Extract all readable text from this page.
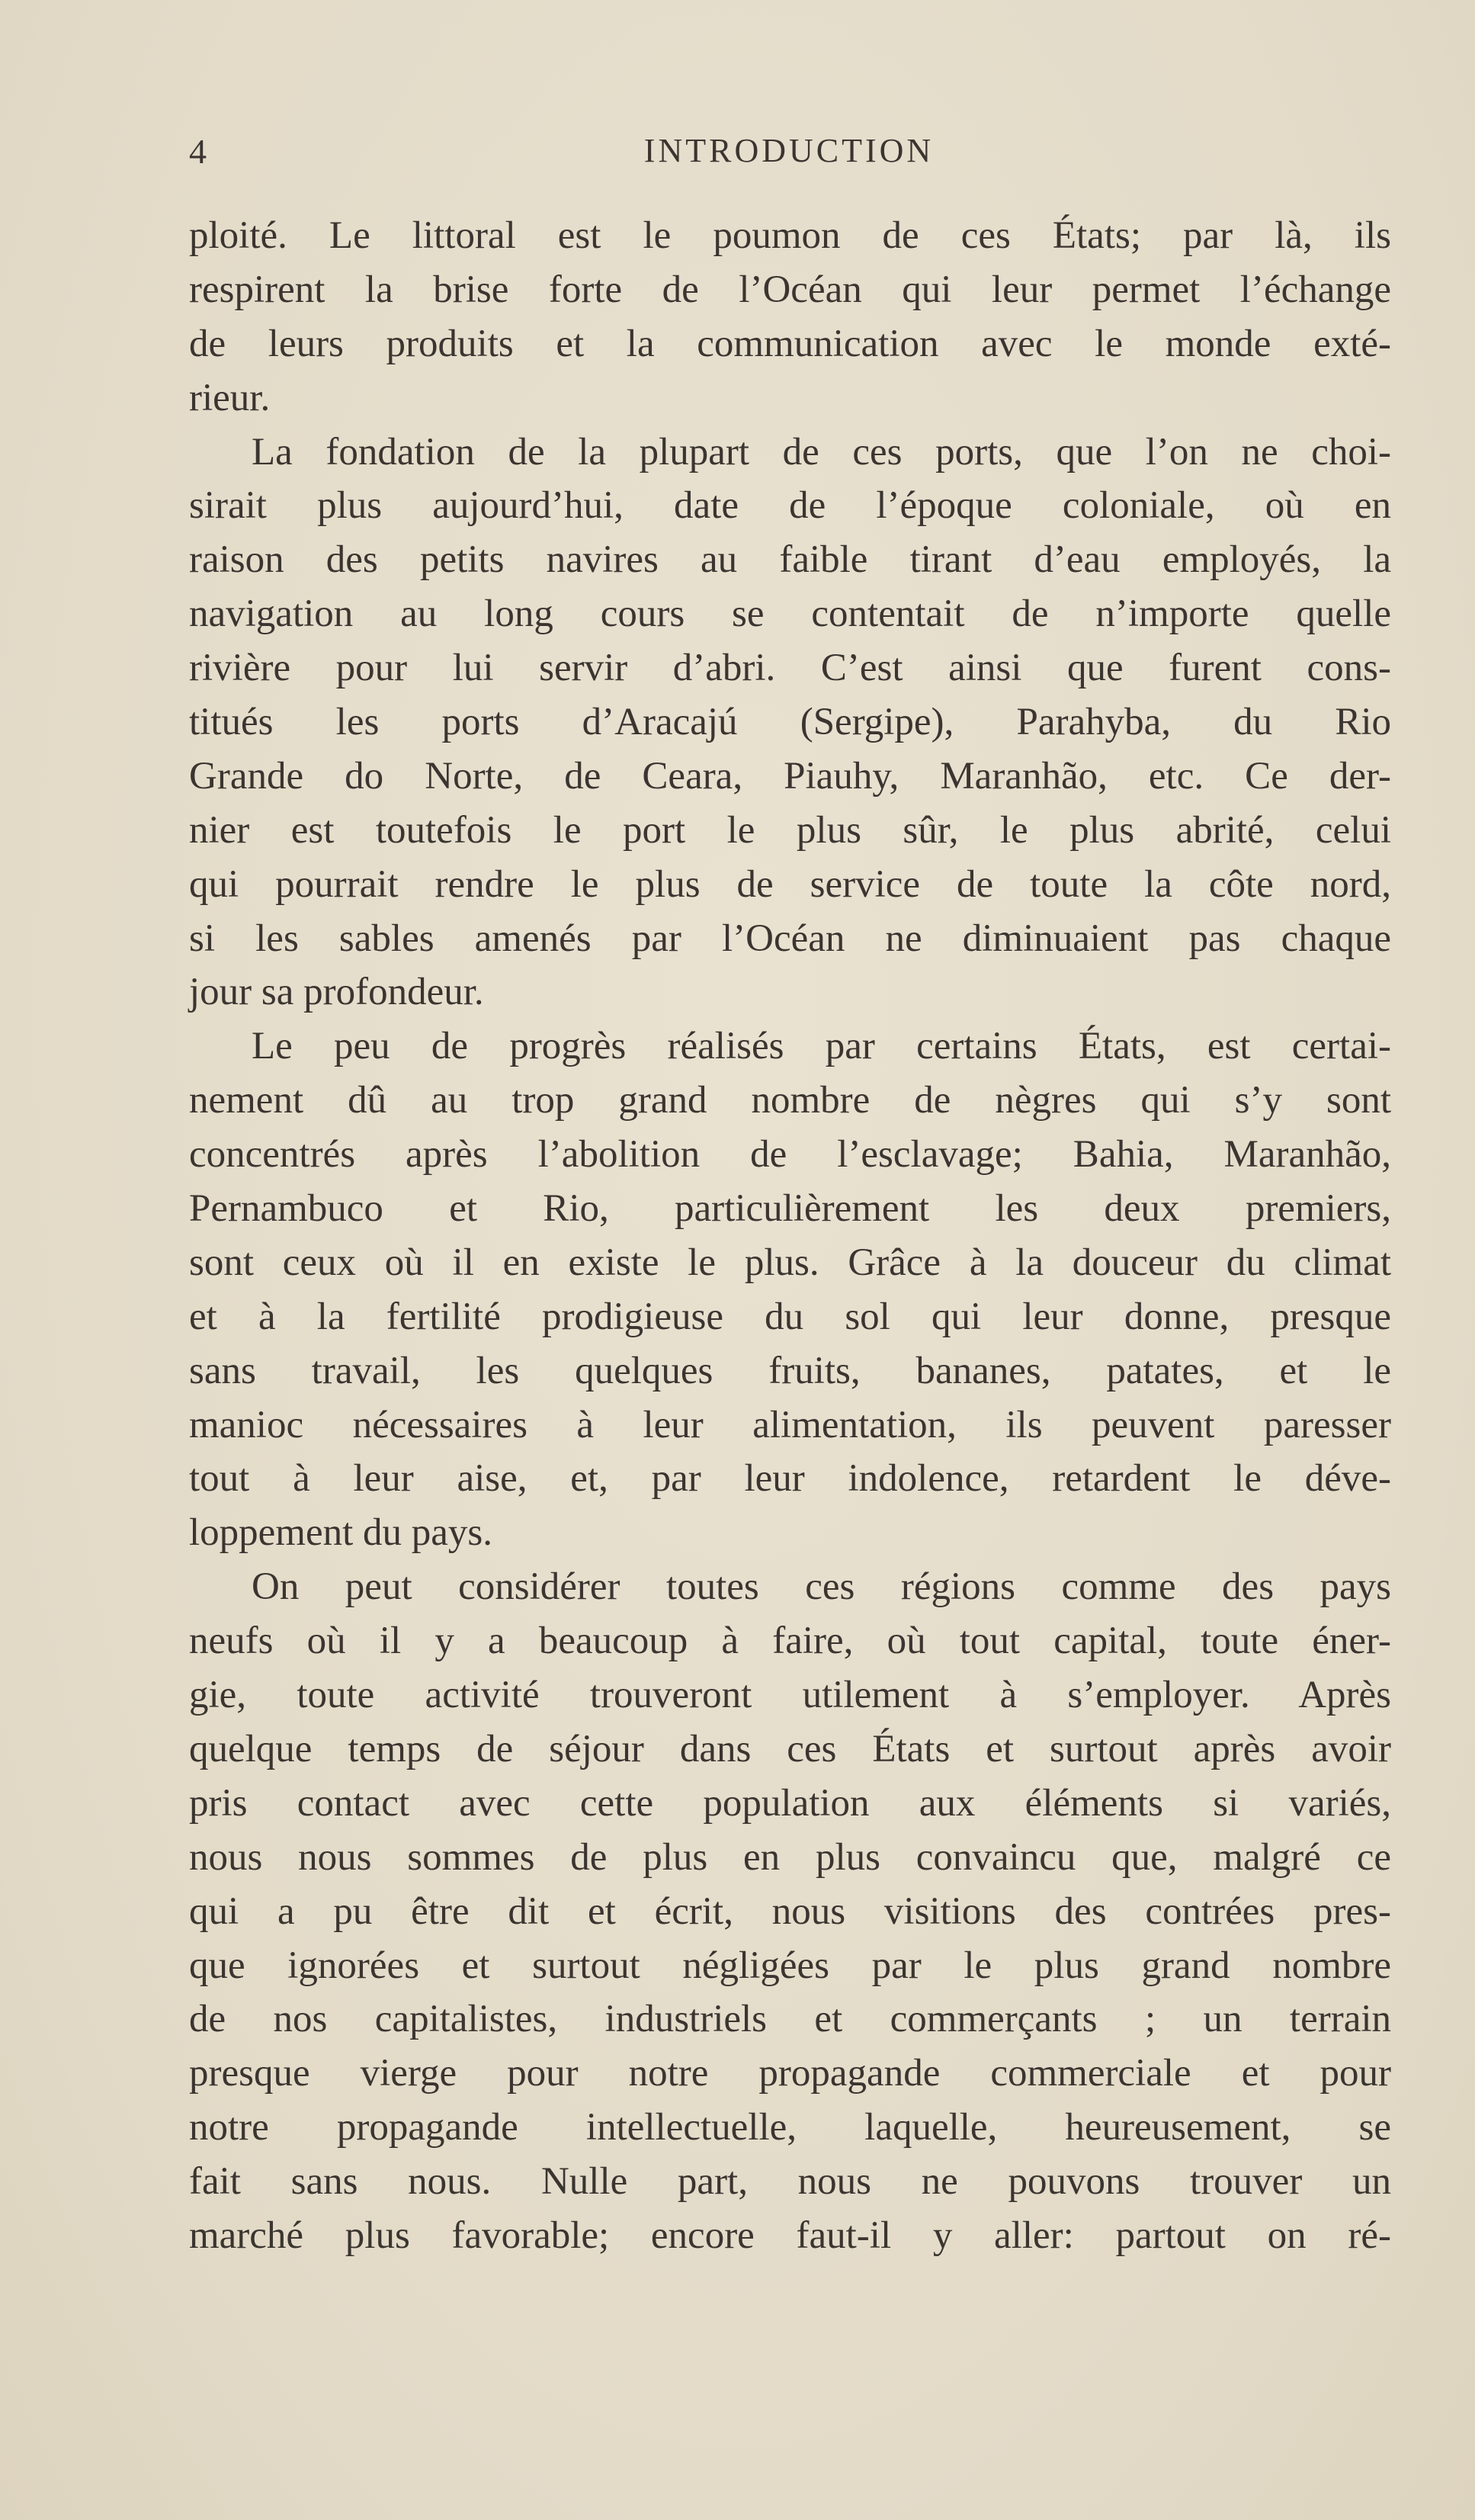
4	INTRODUCTION
ploité. Le littoral est le poumon de ces États; par là, ils
respirent la brise forte de l’Océan qui leur permet l’échange
de leurs produits et la communication avec le monde exté-
rieur.
La fondation de la plupart de ces ports, que l’on ne choi-
sirait plus aujourd’hui, date de l’époque coloniale, où en
raison des petits navires au faible tirant d’eau employés, la
navigation au long cours se contentait de n’importe quelle
rivière pour lui servir d’abri. C’est ainsi que furent cons-
titués les ports d’Aracajú (Sergipe), Parahyba, du Rio
Grande do Norte, de Ceara, Piauhy, Maranhão, etc. Ce der-
nier est toutefois le port le plus sûr, le plus abrité, celui
qui pourrait rendre le plus de service de toute la côte nord,
si les sables amenés par l’Océan ne diminuaient pas chaque
jour sa profondeur.
Le peu de progrès réalisés par certains États, est certai-
nement dû au trop grand nombre de nègres qui s’y sont
concentrés après l’abolition de l’esclavage; Bahia, Maranhão,
Pernambuco et Rio, particulièrement les deux premiers,
sont ceux où il en existe le plus. Grâce à la douceur du climat
et à la fertilité prodigieuse du sol qui leur donne, presque
sans travail, les quelques fruits, bananes, patates, et le
manioc nécessaires à leur alimentation, ils peuvent paresser
tout à leur aise, et, par leur indolence, retardent le déve-
loppement du pays.
On peut considérer toutes ces régions comme des pays
neufs où il y a beaucoup à faire, où tout capital, toute éner-
gie, toute activité trouveront utilement à s’employer. Après
quelque temps de séjour dans ces États et surtout après avoir
pris contact avec cette population aux éléments si variés,
nous nous sommes de plus en plus convaincu que, malgré ce
qui a pu être dit et écrit, nous visitions des contrées pres-
que ignorées et surtout négligées par le plus grand nombre
de nos capitalistes, industriels et commerçants ; un terrain
presque vierge pour notre propagande commerciale et pour
notre propagande intellectuelle, laquelle, heureusement, se
fait sans nous. Nulle part, nous ne pouvons trouver un
marché plus favorable; encore faut-il y aller: partout on ré-
